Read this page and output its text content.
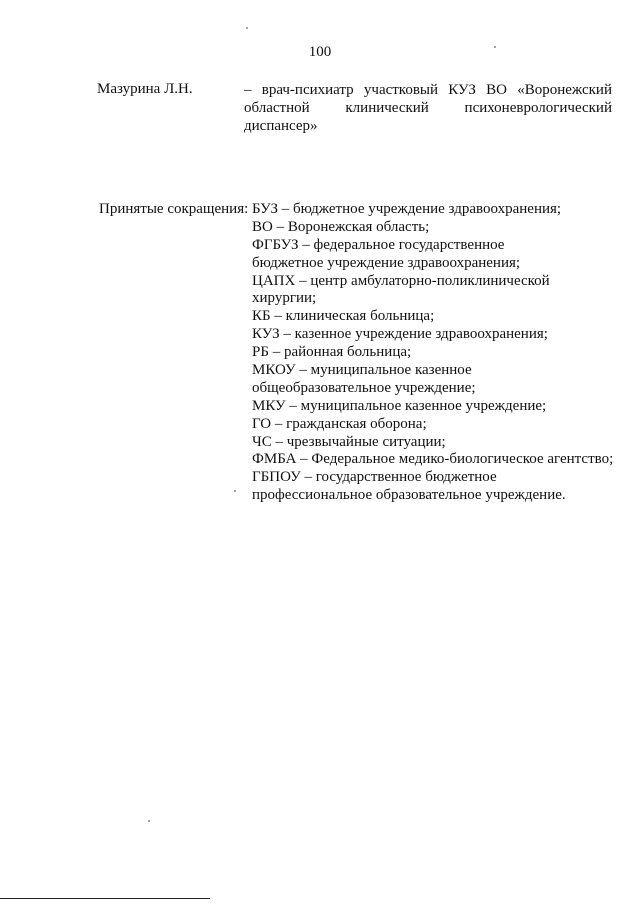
100
Мазурина Л.Н.	– врач-психиатр участковый КУЗ ВО «Воронежский
областной клинический психоневрологический
диспансер»
Принятые сокращения: БУЗ – бюджетное учреждение здравоохранения;
ВО – Воронежская область;
ФГБУЗ – федеральное государственное
бюджетное учреждение здравоохранения;
ЦАПХ – центр амбулаторно-поликлинической
хирургии;
КБ – клиническая больница;
КУЗ – казенное учреждение здравоохранения;
РБ – районная больница;
МКОУ – муниципальное казенное
общеобразовательное учреждение;
МКУ – муниципальное казенное учреждение;
ГО – гражданская оборона;
ЧС – чрезвычайные ситуации;
ФМБА – Федеральное медико-биологическое агентство;
ГБПОУ – государственное бюджетное
профессиональное образовательное учреждение.
